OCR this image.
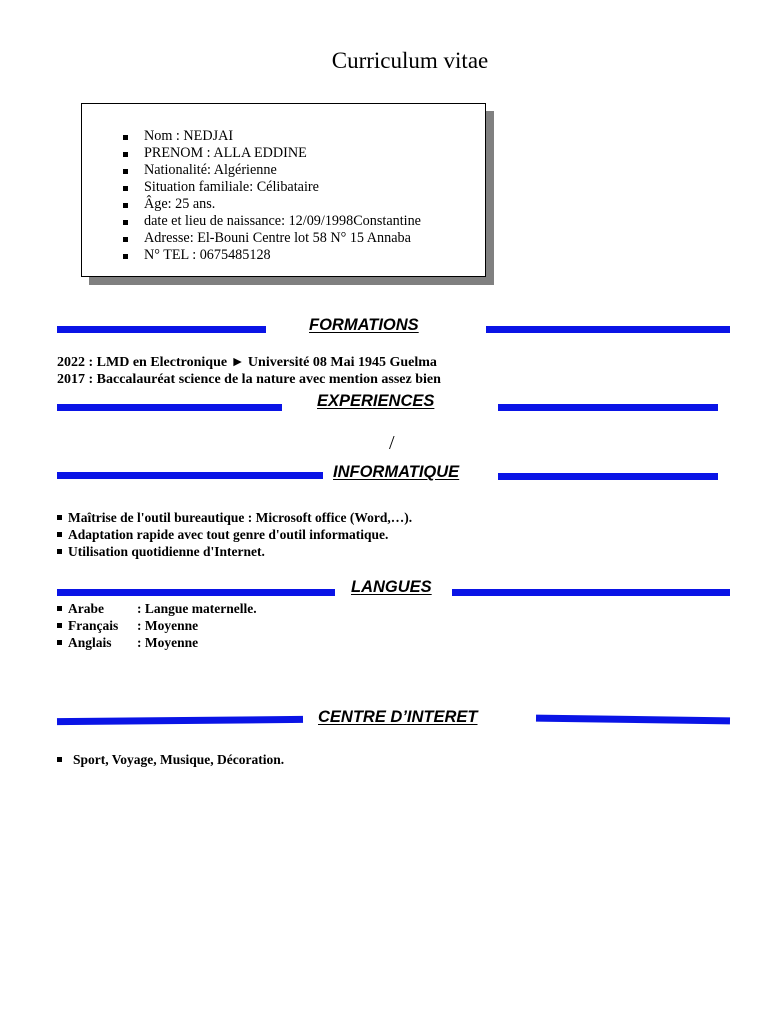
Curriculum vitae
Nom : NEDJAI
PRENOM : ALLA EDDINE
Nationalité: Algérienne
Situation familiale: Célibataire
Âge: 25 ans.
date et lieu de naissance: 12/09/1998Constantine
Adresse: El-Bouni Centre lot 58 N° 15 Annaba
N° TEL : 0675485128
FORMATIONS
2022 : LMD en Electronique ► Université 08 Mai 1945 Guelma
2017 : Baccalauréat science de la nature avec mention assez bien
EXPERIENCES
/
INFORMATIQUE
Maîtrise de l'outil bureautique : Microsoft office (Word,…).
Adaptation rapide avec tout genre d'outil informatique.
Utilisation quotidienne d'Internet.
LANGUES
Arabe : Langue maternelle.
Français : Moyenne
Anglais : Moyenne
CENTRE D’INTERET
Sport, Voyage, Musique, Décoration.
